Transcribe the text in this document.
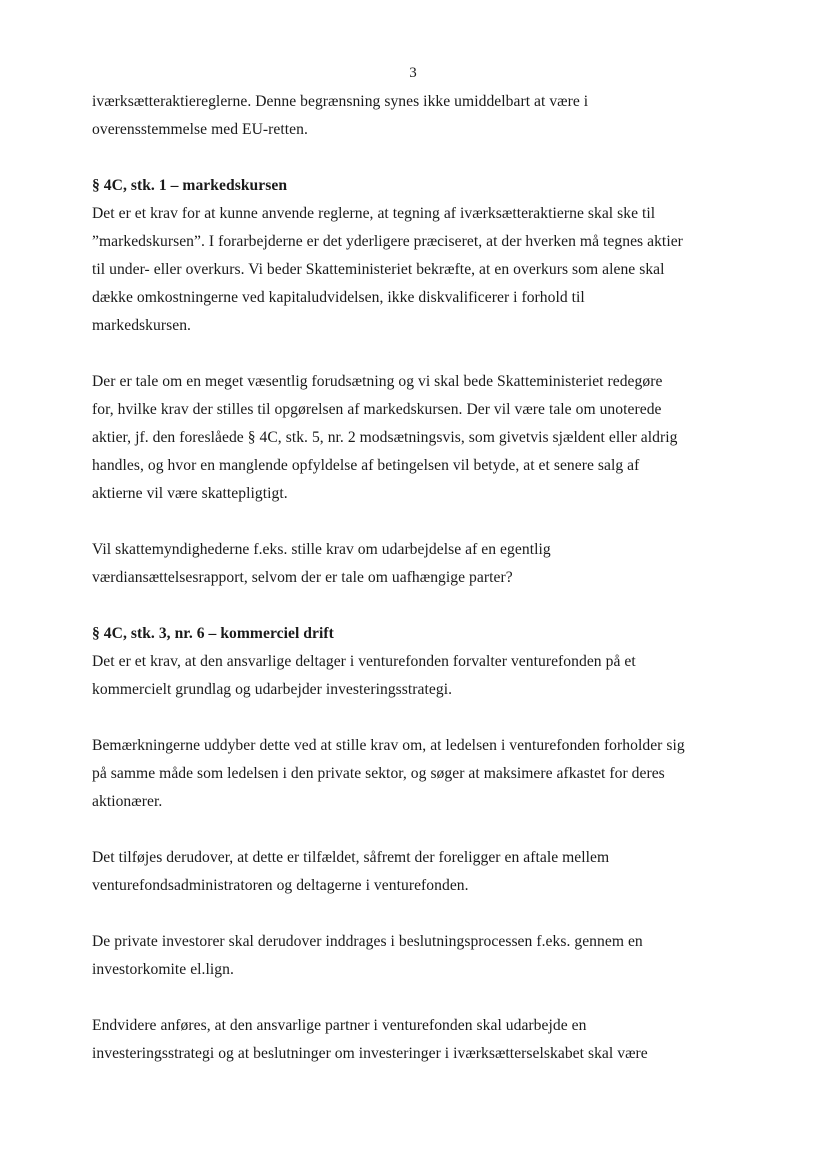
3

iværksætteraktiereglerne. Denne begrænsning synes ikke umiddelbart at være i
overensstemmelse med EU-retten.

§ 4C, stk. 1 – markedskursen

Det er et krav for at kunne anvende reglerne, at tegning af iværksætteraktierne skal ske til
”markedskursen”. I forarbejderne er det yderligere præciseret, at der hverken må tegnes aktier
til under- eller overkurs. Vi beder Skatteministeriet bekræfte, at en overkurs som alene skal
dække omkostningerne ved kapitaludvidelsen, ikke diskvalificerer i forhold til
markedskursen.

Der er tale om en meget væsentlig forudsætning og vi skal bede Skatteministeriet redegøre
for, hvilke krav der stilles til opgørelsen af markedskursen. Der vil være tale om unoterede
aktier, jf. den foreslåede § 4C, stk. 5, nr. 2 modsætningsvis, som givetvis sjældent eller aldrig
handles, og hvor en manglende opfyldelse af betingelsen vil betyde, at et senere salg af
aktierne vil være skattepligtigt.

Vil skattemyndighederne f.eks. stille krav om udarbejdelse af en egentlig
værdiansættelsesrapport, selvom der er tale om uafhængige parter?

§ 4C, stk. 3, nr. 6 – kommerciel drift

Det er et krav, at den ansvarlige deltager i venturefonden forvalter venturefonden på et
kommercielt grundlag og udarbejder investeringsstrategi.

Bemærkningerne uddyber dette ved at stille krav om, at ledelsen i venturefonden forholder sig
på samme måde som ledelsen i den private sektor, og søger at maksimere afkastet for deres
aktionærer.

Det tilføjes derudover, at dette er tilfældet, såfremt der foreligger en aftale mellem
venturefondsadministratoren og deltagerne i venturefonden.

De private investorer skal derudover inddrages i beslutningsprocessen f.eks. gennem en
investorkomite el.lign.

Endvidere anføres, at den ansvarlige partner i venturefonden skal udarbejde en
investeringsstrategi og at beslutninger om investeringer i iværksætterselskabet skal være
